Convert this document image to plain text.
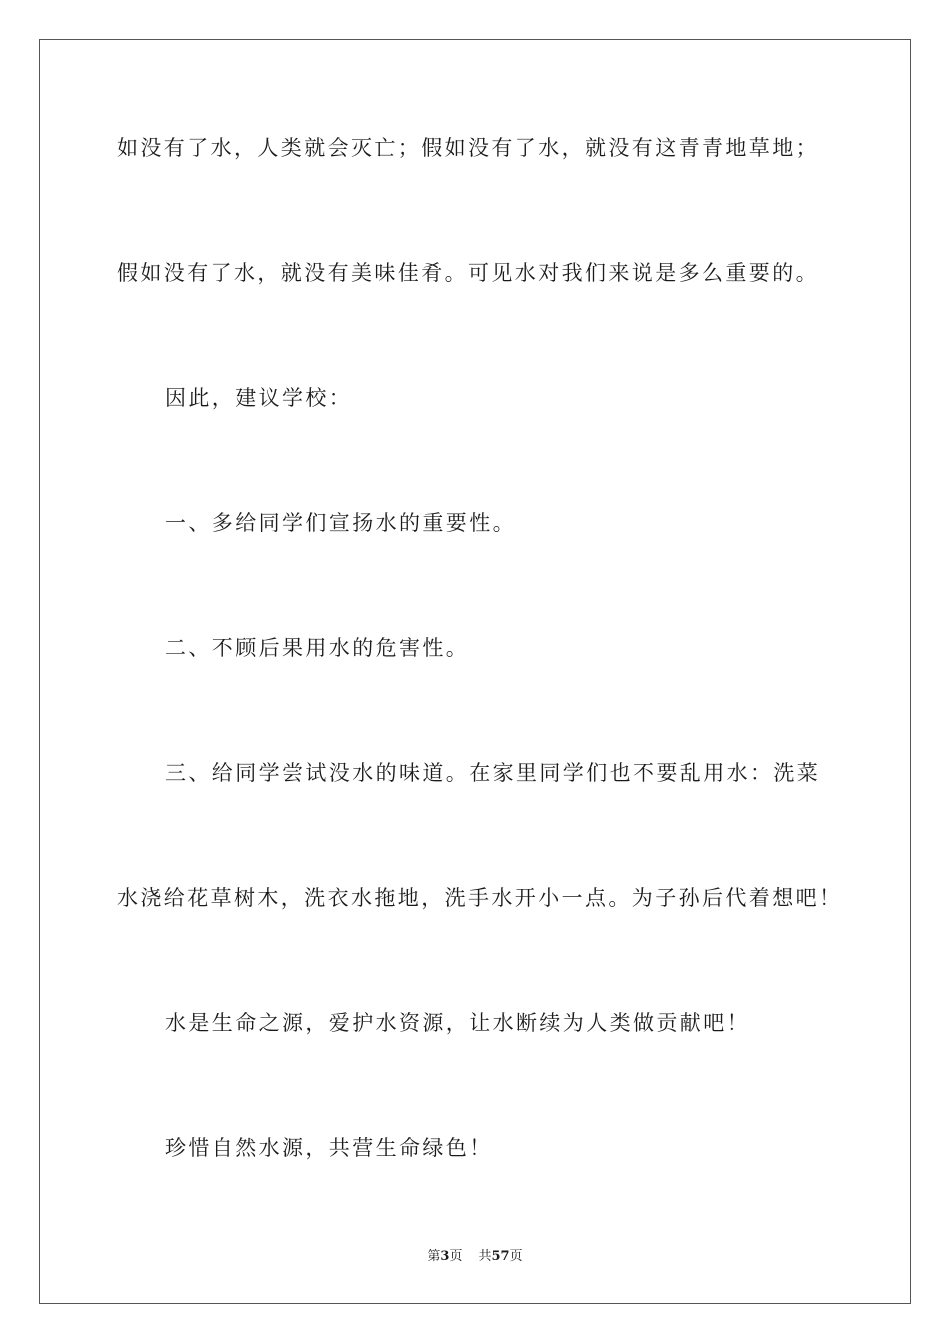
如没有了水，人类就会灭亡；假如没有了水，就没有这青青地草地；
假如没有了水，就没有美味佳肴。可见水对我们来说是多么重要的。
因此，建议学校：
一、多给同学们宣扬水的重要性。
二、不顾后果用水的危害性。
三、给同学尝试没水的味道。在家里同学们也不要乱用水：洗菜
水浇给花草树木，洗衣水拖地，洗手水开小一点。为子孙后代着想吧！
水是生命之源，爱护水资源，让水断续为人类做贡献吧！
珍惜自然水源，共营生命绿色！
第3页 共57页
